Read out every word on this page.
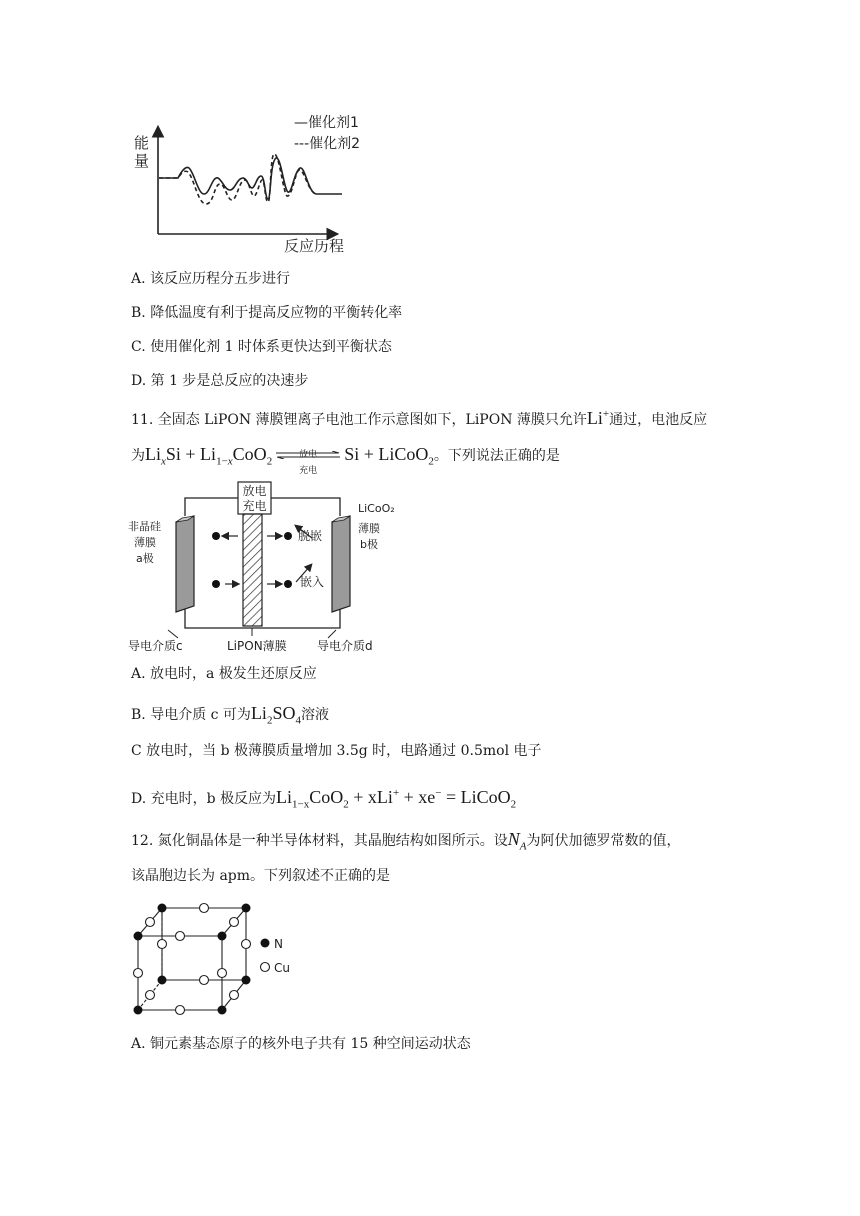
能
量
反应历程
—催化剂1
---催化剂2
A. 该反应历程分五步进行
B. 降低温度有利于提高反应物的平衡转化率
C. 使用催化剂 1 时体系更快达到平衡状态
D. 第 1 步是总反应的决速步
11. 全固态 LiPON 薄膜锂离子电池工作示意图如下，LiPON 薄膜只允许Li+通过，电池反应
为$Li_xSi + Li_{1-x}CoO_2$
放电
充电
Si + LiCoO$_2$。下列说法正确的是
放电
充电
脱嵌
嵌入
非晶硅
薄膜
a极
LiCoO₂
薄膜
b极
导电介质c	LiPON薄膜	导电介质d
A. 放电时，a 极发生还原反应
B. 导电介质 c 可为$Li_2SO_4$溶液
C 放电时，当 b 极薄膜质量增加 3.5g 时，电路通过 0.5mol 电子
D. 充电时，b 极反应为$Li_{1-x}CoO_2 + xLi^+ + xe^-$ = LiCoO$_2$
12. 氮化铜晶体是一种半导体材料，其晶胞结构如图所示。设$N_A$为阿伏加德罗常数的值，
该晶胞边长为 apm。下列叙述不正确的是
N
Cu
A. 铜元素基态原子的核外电子共有 15 种空间运动状态
